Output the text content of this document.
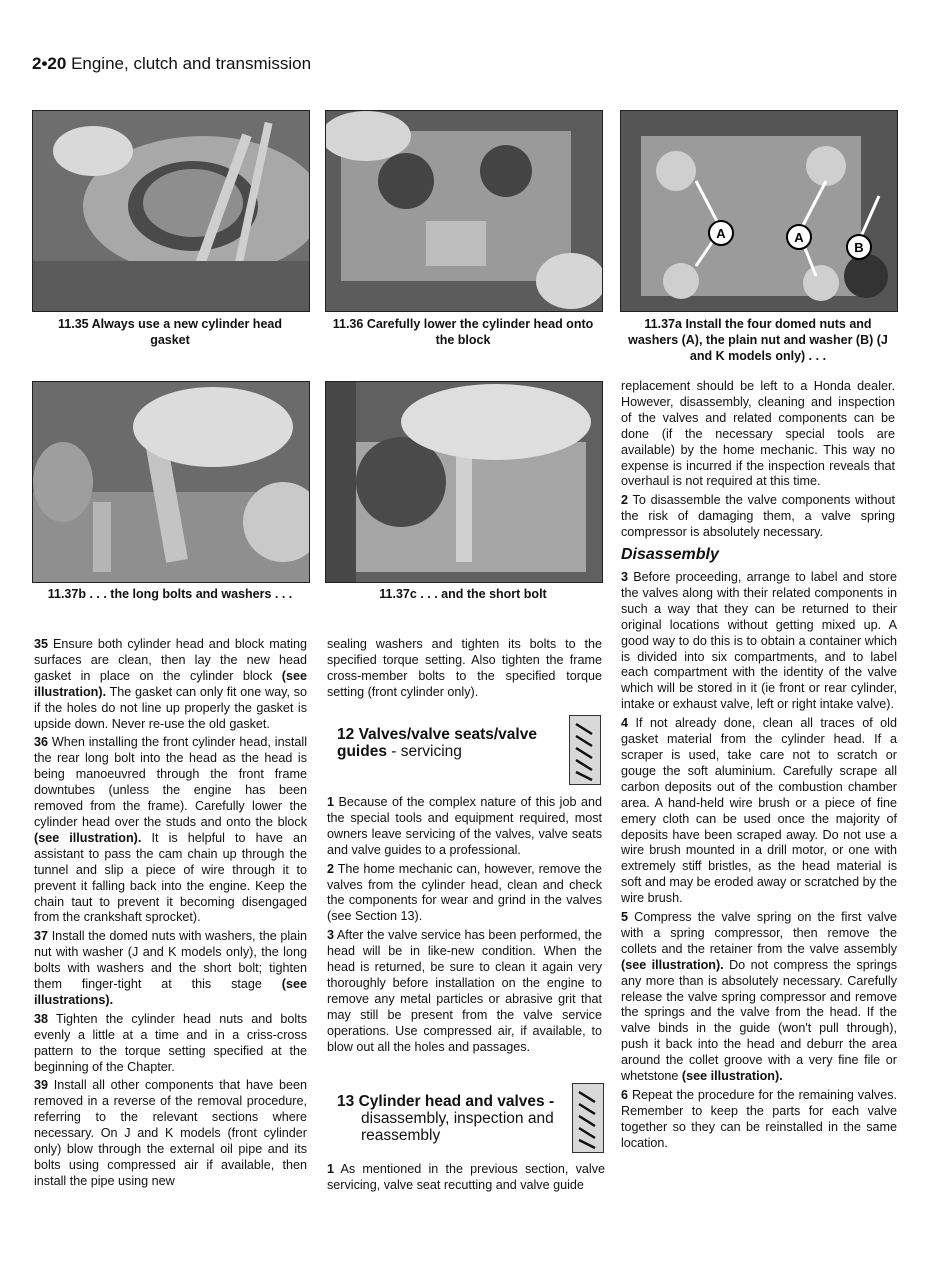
2•20 Engine, clutch and transmission
A	A
B
11.35 Always use a new cylinder head gasket
11.36 Carefully lower the cylinder head onto the block
11.37a Install the four domed nuts and washers (A), the plain nut and washer (B) (J and K models only) . . .
11.37b . . . the long bolts and washers . . .	11.37c . . . and the short bolt

35 Ensure both cylinder head and block mating surfaces are clean, then lay the new head gasket in place on the cylinder block (see illustration). The gasket can only fit one way, so if the holes do not line up properly the gasket is upside down. Never re-use the old gasket.

36 When installing the front cylinder head, install the rear long bolt into the head as the head is being manoeuvred through the front frame downtubes (unless the engine has been removed from the frame). Carefully lower the cylinder head over the studs and onto the block (see illustration). It is helpful to have an assistant to pass the cam chain up through the tunnel and slip a piece of wire through it to prevent it falling back into the engine. Keep the chain taut to prevent it becoming disengaged from the crankshaft sprocket).

37 Install the domed nuts with washers, the plain nut with washer (J and K models only), the long bolts with washers and the short bolt; tighten them finger-tight at this stage (see illustrations).

38 Tighten the cylinder head nuts and bolts evenly a little at a time and in a criss-cross pattern to the torque setting specified at the beginning of the Chapter.

39 Install all other components that have been removed in a reverse of the removal procedure, referring to the relevant sections where necessary. On J and K models (front cylinder only) blow through the external oil pipe and its bolts using compressed air if available, then install the pipe using new

sealing washers and tighten its bolts to the specified torque setting. Also tighten the frame cross-member bolts to the specified torque setting (front cylinder only).

12 Valves/valve seats/valve guides - servicing

1 Because of the complex nature of this job and the special tools and equipment required, most owners leave servicing of the valves, valve seats and valve guides to a professional.

2 The home mechanic can, however, remove the valves from the cylinder head, clean and check the components for wear and grind in the valves (see Section 13).

3 After the valve service has been performed, the head will be in like-new condition. When the head is returned, be sure to clean it again very thoroughly before installation on the engine to remove any metal particles or abrasive grit that may still be present from the valve service operations. Use compressed air, if available, to blow out all the holes and passages.

13 Cylinder head and valves -
disassembly, inspection and reassembly

1 As mentioned in the previous section, valve servicing, valve seat recutting and valve guide

replacement should be left to a Honda dealer. However, disassembly, cleaning and inspection of the valves and related components can be done (if the necessary special tools are available) by the home mechanic. This way no expense is incurred if the inspection reveals that overhaul is not required at this time.

2 To disassemble the valve components without the risk of damaging them, a valve spring compressor is absolutely necessary.

Disassembly

3 Before proceeding, arrange to label and store the valves along with their related components in such a way that they can be returned to their original locations without getting mixed up. A good way to do this is to obtain a container which is divided into six compartments, and to label each compartment with the identity of the valve which will be stored in it (ie front or rear cylinder, intake or exhaust valve, left or right intake valve).

4 If not already done, clean all traces of old gasket material from the cylinder head. If a scraper is used, take care not to scratch or gouge the soft aluminium. Carefully scrape all carbon deposits out of the combustion chamber area. A hand-held wire brush or a piece of fine emery cloth can be used once the majority of deposits have been scraped away. Do not use a wire brush mounted in a drill motor, or one with extremely stiff bristles, as the head material is soft and may be eroded away or scratched by the wire brush.

5 Compress the valve spring on the first valve with a spring compressor, then remove the collets and the retainer from the valve assembly (see illustration). Do not compress the springs any more than is absolutely necessary. Carefully release the valve spring compressor and remove the springs and the valve from the head. If the valve binds in the guide (won't pull through), push it back into the head and deburr the area around the collet groove with a very fine file or whetstone (see illustration).

6 Repeat the procedure for the remaining valves. Remember to keep the parts for each valve together so they can be reinstalled in the same location.
